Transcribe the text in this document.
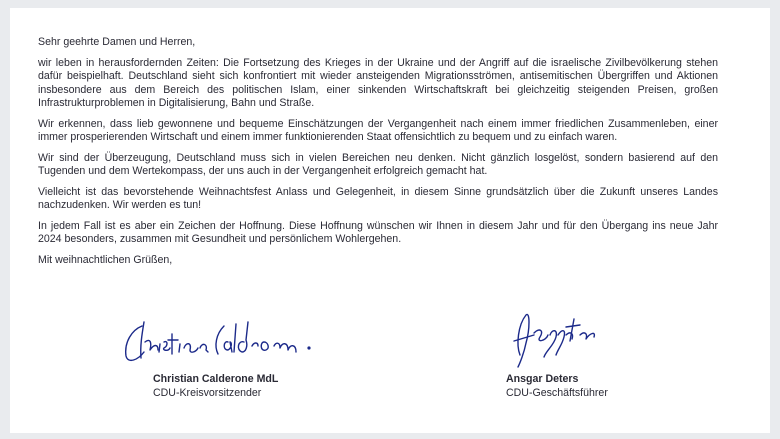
Sehr geehrte Damen und Herren,

wir leben in herausfordernden Zeiten: Die Fortsetzung des Krieges in der Ukraine und der Angriff auf die israelische Zivilbevölkerung stehen dafür beispielhaft. Deutschland sieht sich konfrontiert mit wieder ansteigenden Migrationsströmen, antisemitischen Übergriffen und Aktionen insbesondere aus dem Bereich des politischen Islam, einer sinkenden Wirtschaftskraft bei gleichzeitig steigenden Preisen, großen Infrastrukturproblemen in Digitalisierung, Bahn und Straße.

Wir erkennen, dass lieb gewonnene und bequeme Einschätzungen der Vergangenheit nach einem immer friedlichen Zusammenleben, einer immer prosperierenden Wirtschaft und einem immer funktionierenden Staat offensichtlich zu bequem und zu einfach waren.

Wir sind der Überzeugung, Deutschland muss sich in vielen Bereichen neu denken. Nicht gänzlich losgelöst, sondern basierend auf den Tugenden und dem Wertekompass, der uns auch in der Vergangenheit erfolgreich gemacht hat.

Vielleicht ist das bevorstehende Weihnachtsfest Anlass und Gelegenheit, in diesem Sinne grundsätzlich über die Zukunft unseres Landes nachzudenken. Wir werden es tun!

In jedem Fall ist es aber ein Zeichen der Hoffnung. Diese Hoffnung wünschen wir Ihnen in diesem Jahr und für den Übergang ins neue Jahr 2024 besonders, zusammen mit Gesundheit und persönlichem Wohlergehen.

Mit weihnachtlichen Grüßen,

Christian Calderone MdL
CDU-Kreisvorsitzender
Ansgar Deters
CDU-Geschäftsführer
